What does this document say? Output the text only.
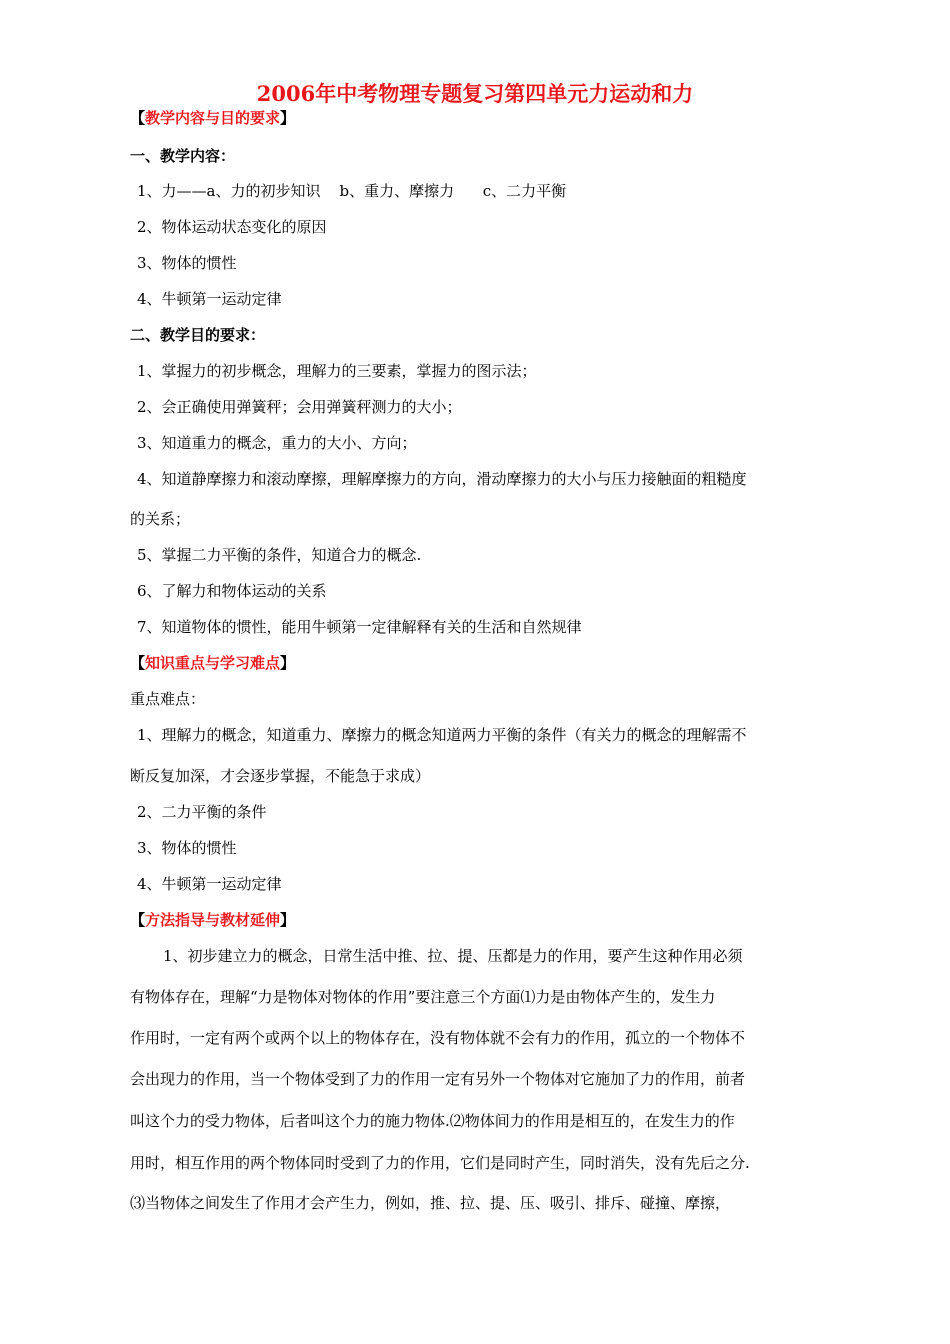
2006年中考物理专题复习第四单元力运动和力
【教学内容与目的要求】
一、教学内容：
1、力——a、力的初步知识    b、重力、摩擦力      c、二力平衡
2、物体运动状态变化的原因
3、物体的惯性
4、牛顿第一运动定律
二、教学目的要求：
1、掌握力的初步概念，理解力的三要素，掌握力的图示法；
2、会正确使用弹簧秤；会用弹簧秤测力的大小；
3、知道重力的概念，重力的大小、方向；
4、知道静摩擦力和滚动摩擦，理解摩擦力的方向，滑动摩擦力的大小与压力接触面的粗糙度
的关系；
5、掌握二力平衡的条件，知道合力的概念.
6、了解力和物体运动的关系
7、知道物体的惯性，能用牛顿第一定律解释有关的生活和自然规律
【知识重点与学习难点】
重点难点：
1、理解力的概念，知道重力、摩擦力的概念知道两力平衡的条件（有关力的概念的理解需不
断反复加深，才会逐步掌握，不能急于求成）
2、二力平衡的条件
3、物体的惯性
4、牛顿第一运动定律
【方法指导与教材延伸】
1、初步建立力的概念，日常生活中推、拉、提、压都是力的作用，要产生这种作用必须
有物体存在，理解“力是物体对物体的作用”要注意三个方面⑴力是由物体产生的，发生力
作用时，一定有两个或两个以上的物体存在，没有物体就不会有力的作用，孤立的一个物体不
会出现力的作用，当一个物体受到了力的作用一定有另外一个物体对它施加了力的作用，前者
叫这个力的受力物体，后者叫这个力的施力物体.⑵物体间力的作用是相互的，在发生力的作
用时，相互作用的两个物体同时受到了力的作用，它们是同时产生，同时消失，没有先后之分.
⑶当物体之间发生了作用才会产生力，例如，推、拉、提、压、吸引、排斥、碰撞、摩擦，
